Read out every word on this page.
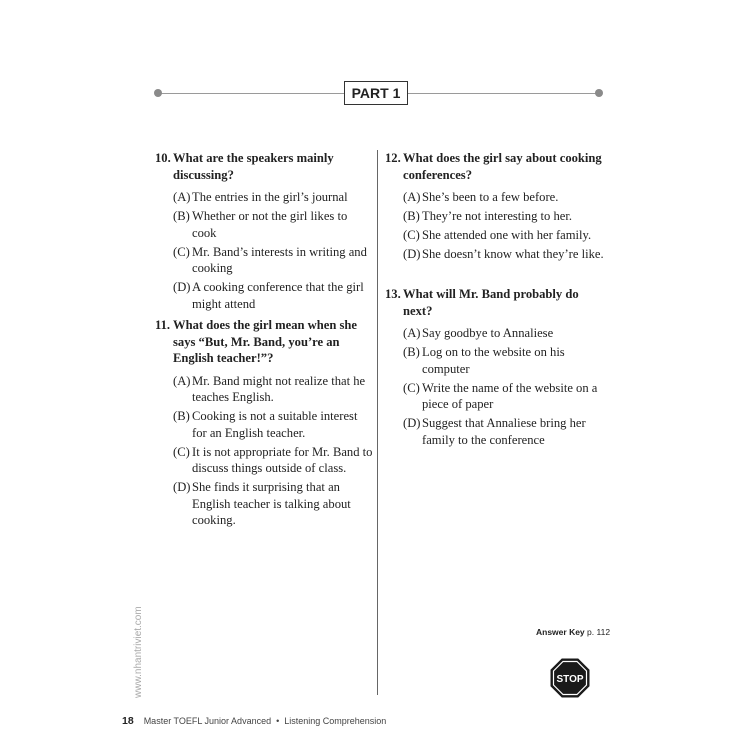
PART 1
10. What are the speakers mainly discussing?
(A) The entries in the girl’s journal
(B) Whether or not the girl likes to cook
(C) Mr. Band’s interests in writing and cooking
(D) A cooking conference that the girl might attend
11. What does the girl mean when she says “But, Mr. Band, you’re an English teacher!”?
(A) Mr. Band might not realize that he teaches English.
(B) Cooking is not a suitable interest for an English teacher.
(C) It is not appropriate for Mr. Band to discuss things outside of class.
(D) She finds it surprising that an English teacher is talking about cooking.
12. What does the girl say about cooking conferences?
(A) She’s been to a few before.
(B) They’re not interesting to her.
(C) She attended one with her family.
(D) She doesn’t know what they’re like.
13. What will Mr. Band probably do next?
(A) Say goodbye to Annaliese
(B) Log on to the website on his computer
(C) Write the name of the website on a piece of paper
(D) Suggest that Annaliese bring her family to the conference
Answer Key p. 112
STOP
www.nhantriviet.com
18 Master TOEFL Junior Advanced • Listening Comprehension
